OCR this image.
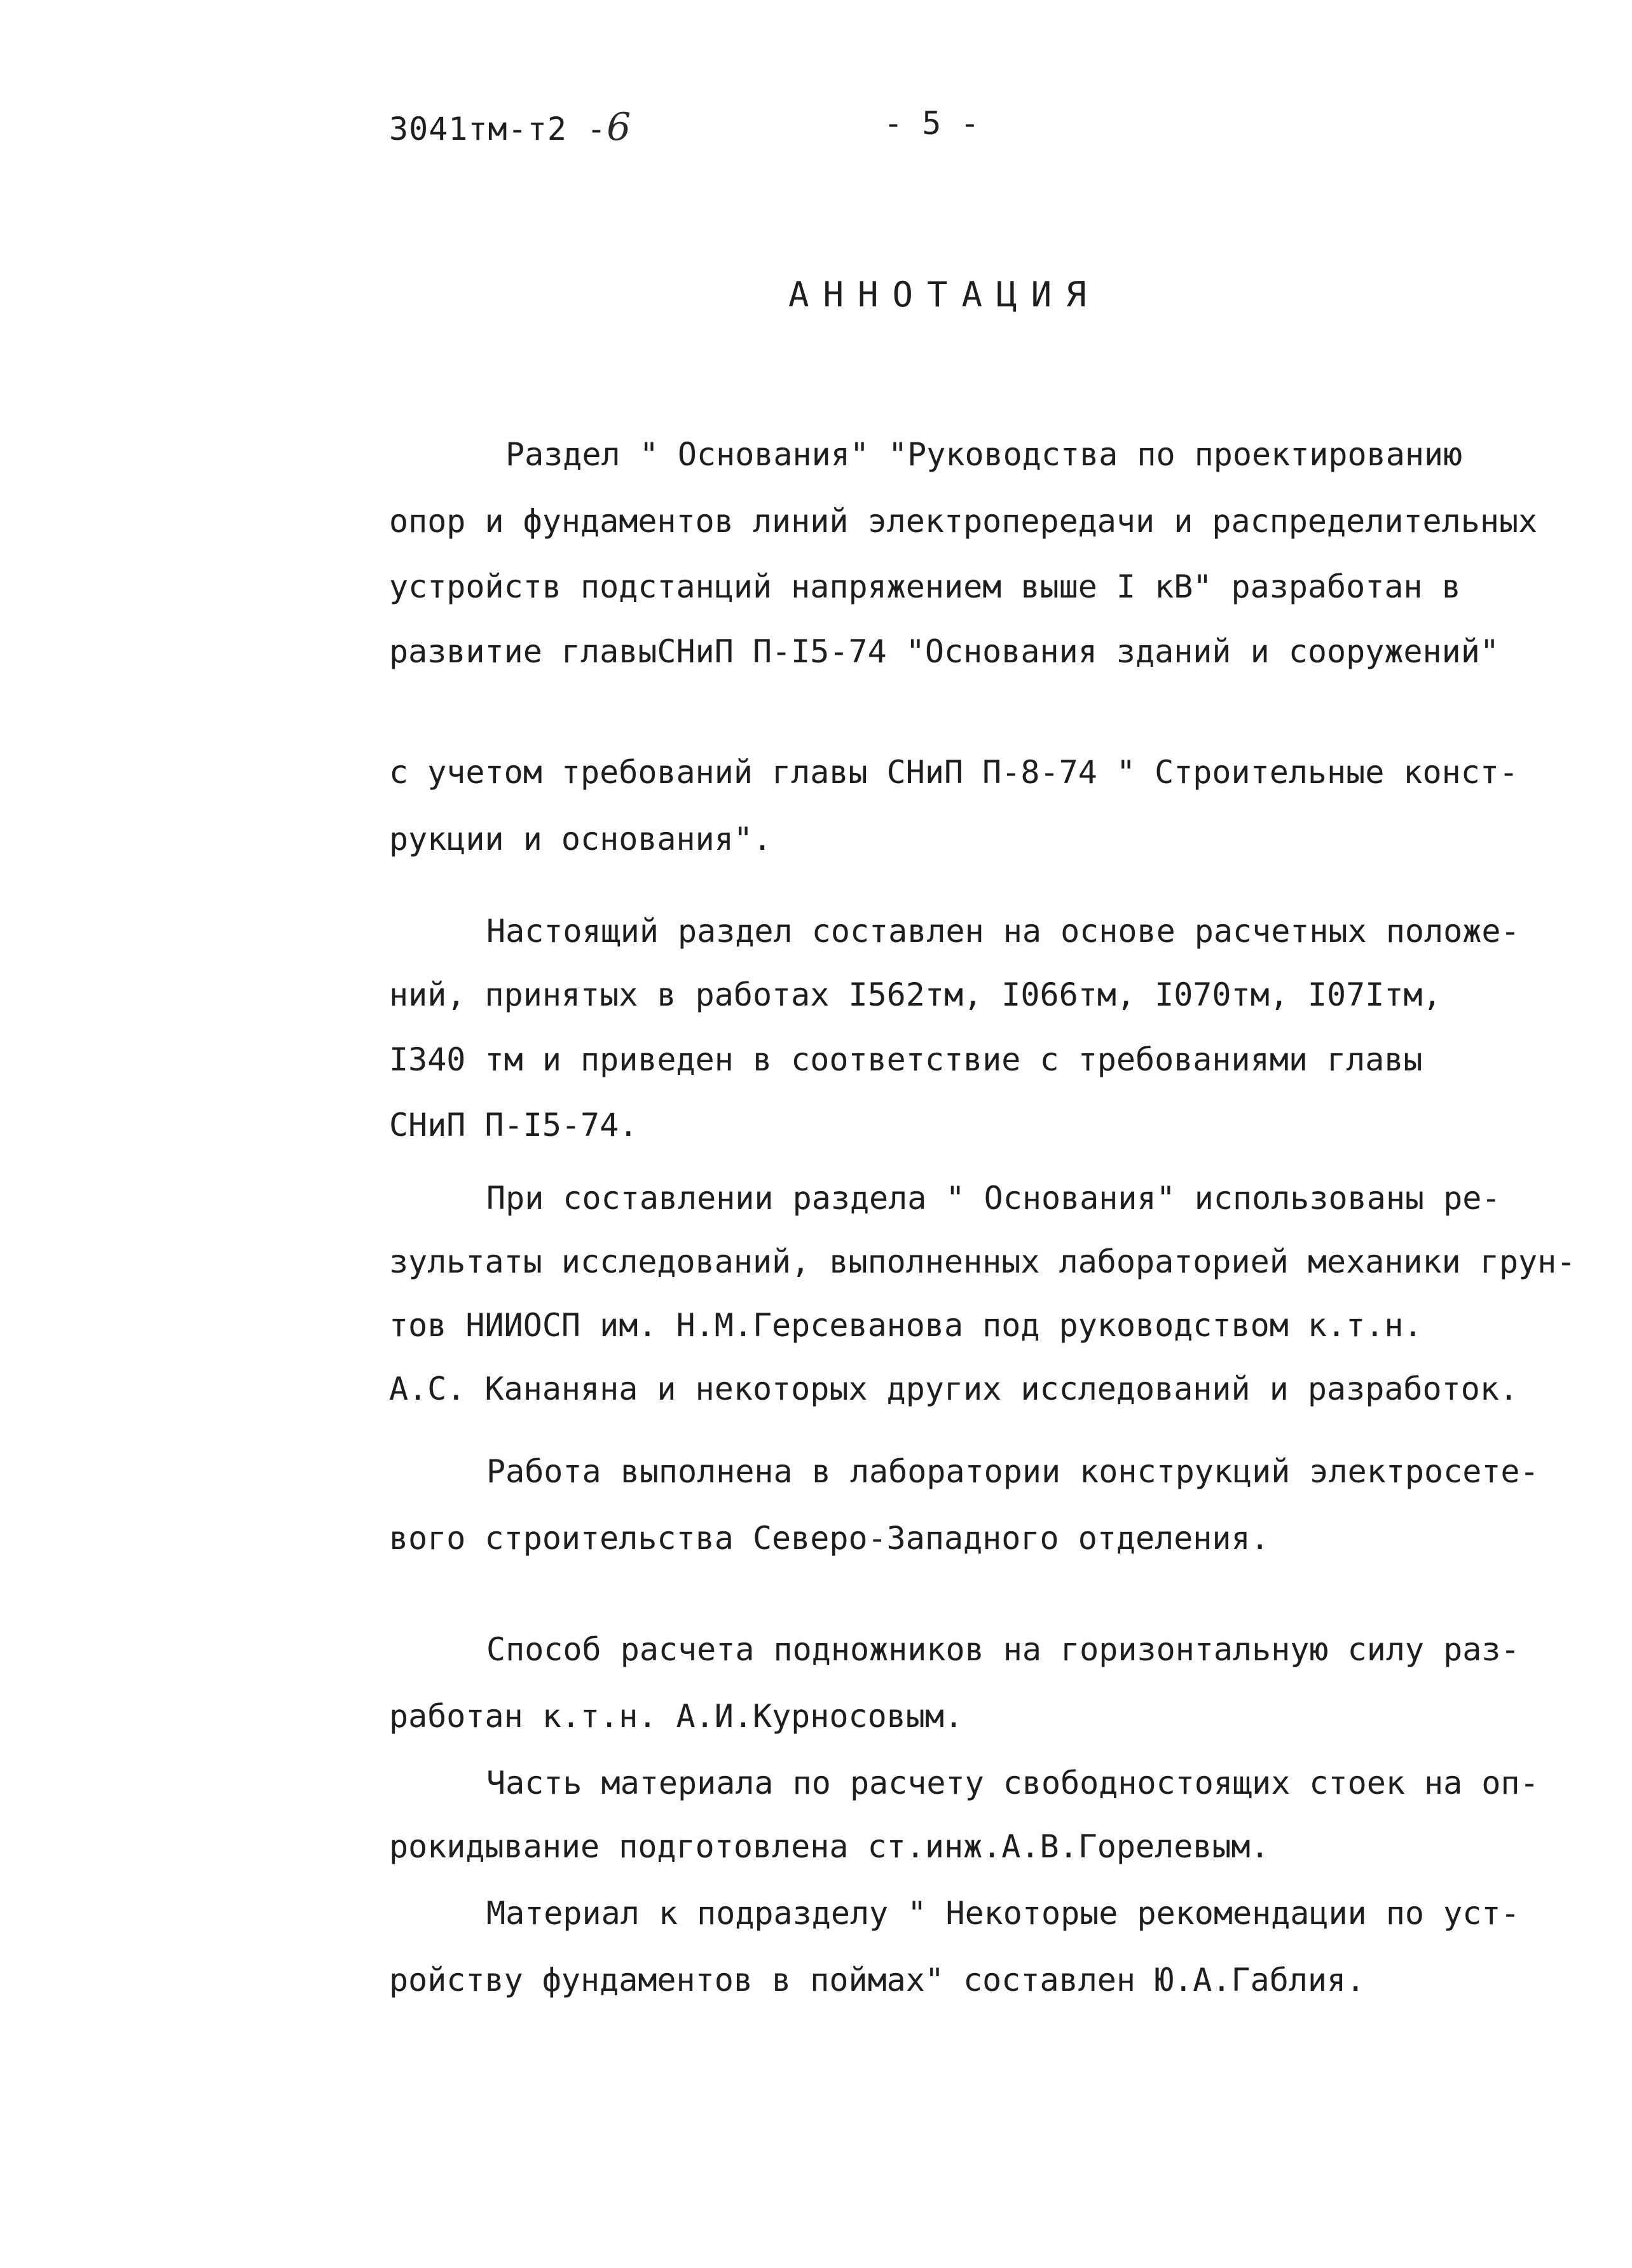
3041тм-т2 -6	- 5 -
АННОТАЦИЯ
Раздел " Основания" "Руководства по проектированию
опор и фундаментов линий электропередачи и распределительных
устройств подстанций напряжением выше I кВ" разработан в
развитие главыСНиП П-I5-74 "Основания зданий и сооружений"
с учетом требований главы СНиП П-8-74 " Строительные конст-
рукции и основания".
Настоящий раздел составлен на основе расчетных положе-
ний, принятых в работах I562тм, I066тм, I070тм, I07Iтм,
I340 тм и приведен в соответствие с требованиями главы
СНиП П-I5-74.
При составлении раздела " Основания" использованы ре-
зультаты исследований, выполненных лабораторией механики грун-
тов НИИОСП им. Н.М.Герсеванова под руководством к.т.н.
А.С. Кананяна и некоторых других исследований и разработок.
Работа выполнена в лаборатории конструкций электросете-
вого строительства Северо-Западного отделения.
Способ расчета подножников на горизонтальную силу раз-
работан к.т.н. А.И.Курносовым.
Часть материала по расчету свободностоящих стоек на оп-
рокидывание подготовлена ст.инж.А.В.Горелевым.
Материал к подразделу " Некоторые рекомендации по уст-
ройству фундаментов в поймах" составлен Ю.А.Габлия.
